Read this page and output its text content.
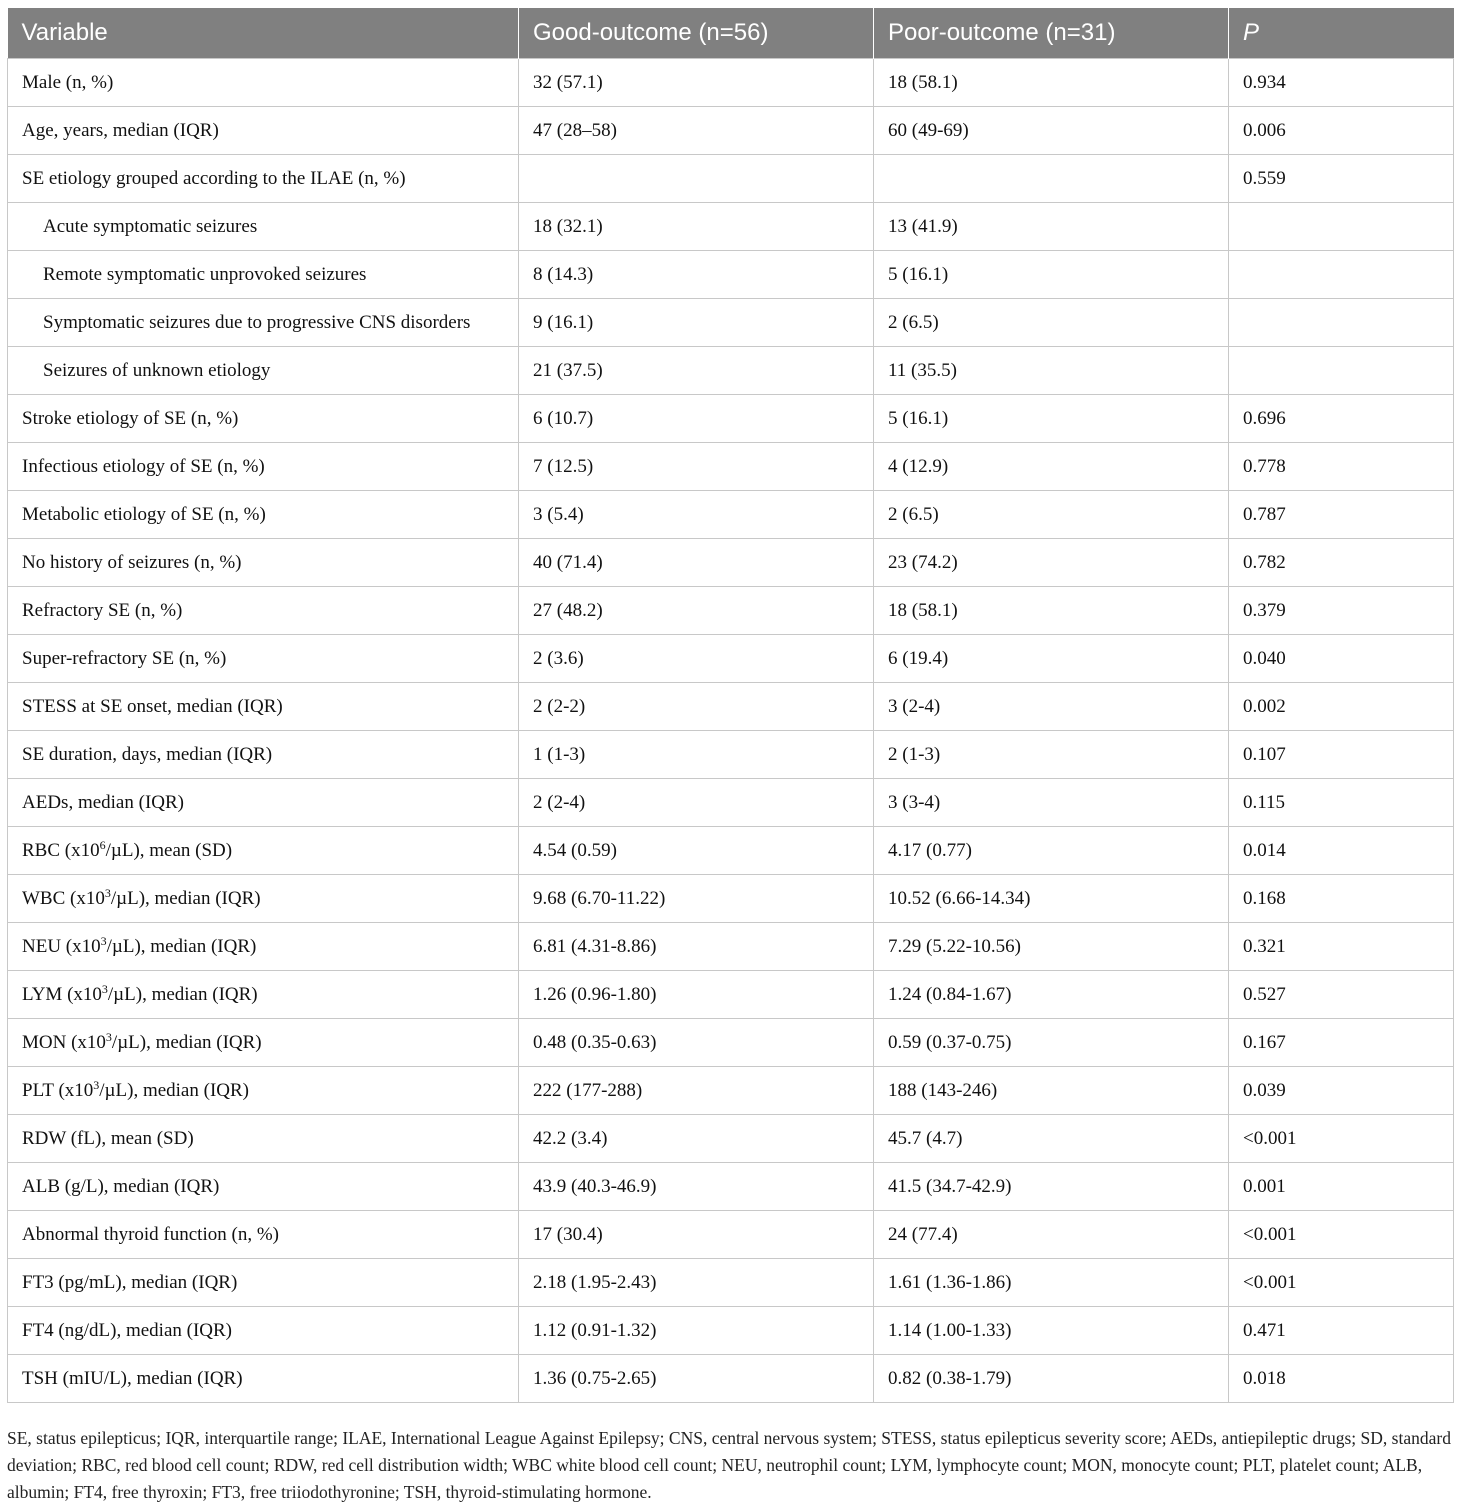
Variable	Good-outcome (n=56)	Poor-outcome (n=31)	P
Male (n, %)	32 (57.1)	18 (58.1)	0.934
Age, years, median (IQR)	47 (28–58)	60 (49-69)	0.006
SE etiology grouped according to the ILAE (n, %)			0.559
Acute symptomatic seizures	18 (32.1)	13 (41.9)	
Remote symptomatic unprovoked seizures	8 (14.3)	5 (16.1)	
Symptomatic seizures due to progressive CNS disorders	9 (16.1)	2 (6.5)	
Seizures of unknown etiology	21 (37.5)	11 (35.5)	
Stroke etiology of SE (n, %)	6 (10.7)	5 (16.1)	0.696
Infectious etiology of SE (n, %)	7 (12.5)	4 (12.9)	0.778
Metabolic etiology of SE (n, %)	3 (5.4)	2 (6.5)	0.787
No history of seizures (n, %)	40 (71.4)	23 (74.2)	0.782
Refractory SE (n, %)	27 (48.2)	18 (58.1)	0.379
Super-refractory SE (n, %)	2 (3.6)	6 (19.4)	0.040
STESS at SE onset, median (IQR)	2 (2-2)	3 (2-4)	0.002
SE duration, days, median (IQR)	1 (1-3)	2 (1-3)	0.107
AEDs, median (IQR)	2 (2-4)	3 (3-4)	0.115
RBC $(x10^6/\mu L)$, mean (SD)	4.54 (0.59)	4.17 (0.77)	0.014
WBC $(x10^3/\mu L)$, median (IQR)	9.68 (6.70-11.22)	10.52 (6.66-14.34)	0.168
NEU $(x10^3/\mu L)$, median (IQR)	6.81 (4.31-8.86)	7.29 (5.22-10.56)	0.321
LYM $(x10^3/\mu L)$, median (IQR)	1.26 (0.96-1.80)	1.24 (0.84-1.67)	0.527
MON $(x10^3/\mu L)$, median (IQR)	0.48 (0.35-0.63)	0.59 (0.37-0.75)	0.167
PLT $(x10^3/\mu L)$, median (IQR)	222 (177-288)	188 (143-246)	0.039
RDW (fL), mean (SD)	42.2 (3.4)	45.7 (4.7)	<0.001
ALB (g/L), median (IQR)	43.9 (40.3-46.9)	41.5 (34.7-42.9)	0.001
Abnormal thyroid function (n, %)	17 (30.4)	24 (77.4)	<0.001
FT3 (pg/mL), median (IQR)	2.18 (1.95-2.43)	1.61 (1.36-1.86)	<0.001
FT4 (ng/dL), median (IQR)	1.12 (0.91-1.32)	1.14 (1.00-1.33)	0.471
TSH (mIU/L), median (IQR)	1.36 (0.75-2.65)	0.82 (0.38-1.79)	0.018
SE, status epilepticus; IQR, interquartile range; ILAE, International League Against Epilepsy; CNS, central nervous system; STESS, status epilepticus severity score; AEDs, antiepileptic drugs; SD, standard deviation; RBC, red blood cell count; RDW, red cell distribution width; WBC white blood cell count; NEU, neutrophil count; LYM, lymphocyte count; MON, monocyte count; PLT, platelet count; ALB, albumin; FT4, free thyroxin; FT3, free triiodothyronine; TSH, thyroid-stimulating hormone.
